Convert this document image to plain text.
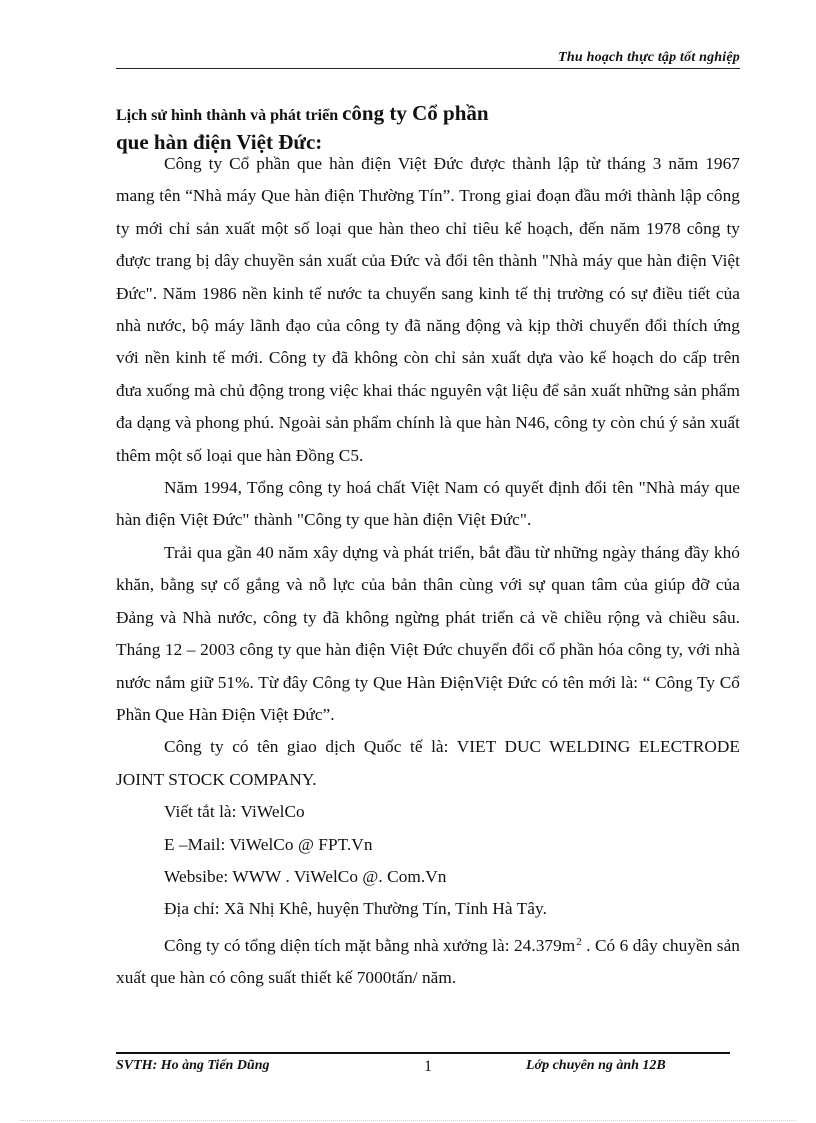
Thu hoạch thực tập tốt nghiệp
Lịch sử hình thành và phát triển công ty Cổ phần
que hàn điện Việt Đức:

Công ty Cổ phần que hàn điện Việt Đức được thành lập từ tháng 3 năm 1967 mang tên “Nhà máy Que hàn điện Thường Tín”. Trong giai đoạn đầu mới thành lập công ty mới chỉ sản xuất một số loại que hàn theo chỉ tiêu kế hoạch, đến năm 1978 công ty được trang bị dây chuyền sản xuất của Đức và đổi tên thành "Nhà máy que hàn điện Việt Đức". Năm 1986 nền kinh tế nước ta chuyển sang kinh tế thị trường có sự điều tiết của nhà nước, bộ máy lãnh đạo của công ty đã năng động và kịp thời chuyển đổi thích ứng với nền kinh tế mới. Công ty đã không còn chỉ sản xuất dựa vào kế hoạch do cấp trên đưa xuống mà chủ động trong việc khai thác nguyên vật liệu để sản xuất những sản phẩm đa dạng và phong phú. Ngoài sản phẩm chính là que hàn N46, công ty còn chú ý sản xuất thêm một số loại que hàn Đồng C5.

Năm 1994, Tổng công ty hoá chất Việt Nam có quyết định đổi tên "Nhà máy que hàn điện Việt Đức" thành "Công ty que hàn điện Việt Đức".

Trải qua gần 40 năm xây dựng và phát triển, bắt đầu từ những ngày tháng đầy khó khăn, bằng sự cố gắng và nỗ lực của bản thân cùng với sự quan tâm của giúp đỡ của Đảng và Nhà nước, công ty đã không ngừng phát triển cả về chiều rộng và chiều sâu. Tháng 12 – 2003 công ty que hàn điện Việt Đức chuyển đổi cổ phần hóa công ty, với nhà nước nắm giữ 51%. Từ đây Công ty Que Hàn ĐiệnViệt Đức có tên mới là: “ Công Ty Cổ Phần Que Hàn Điện Việt Đức”.

Công ty có tên giao dịch Quốc tế là: VIET DUC WELDING ELECTRODE JOINT STOCK COMPANY.

Viết tắt là: ViWelCo

E –Mail: ViWelCo @ FPT.Vn

Websibe: WWW . ViWelCo @. Com.Vn

Địa chỉ: Xã Nhị Khê, huyện Thường Tín, Tỉnh Hà Tây.

Công ty có tổng diện tích mặt bằng nhà xưởng là: $24.379m^2$ . Có 6 dây chuyền sản xuất que hàn có công suất thiết kế 7000tấn/ năm.

SVTH: Ho àng Tiến Dũng	1	Lớp chuyên ng ành 12B
